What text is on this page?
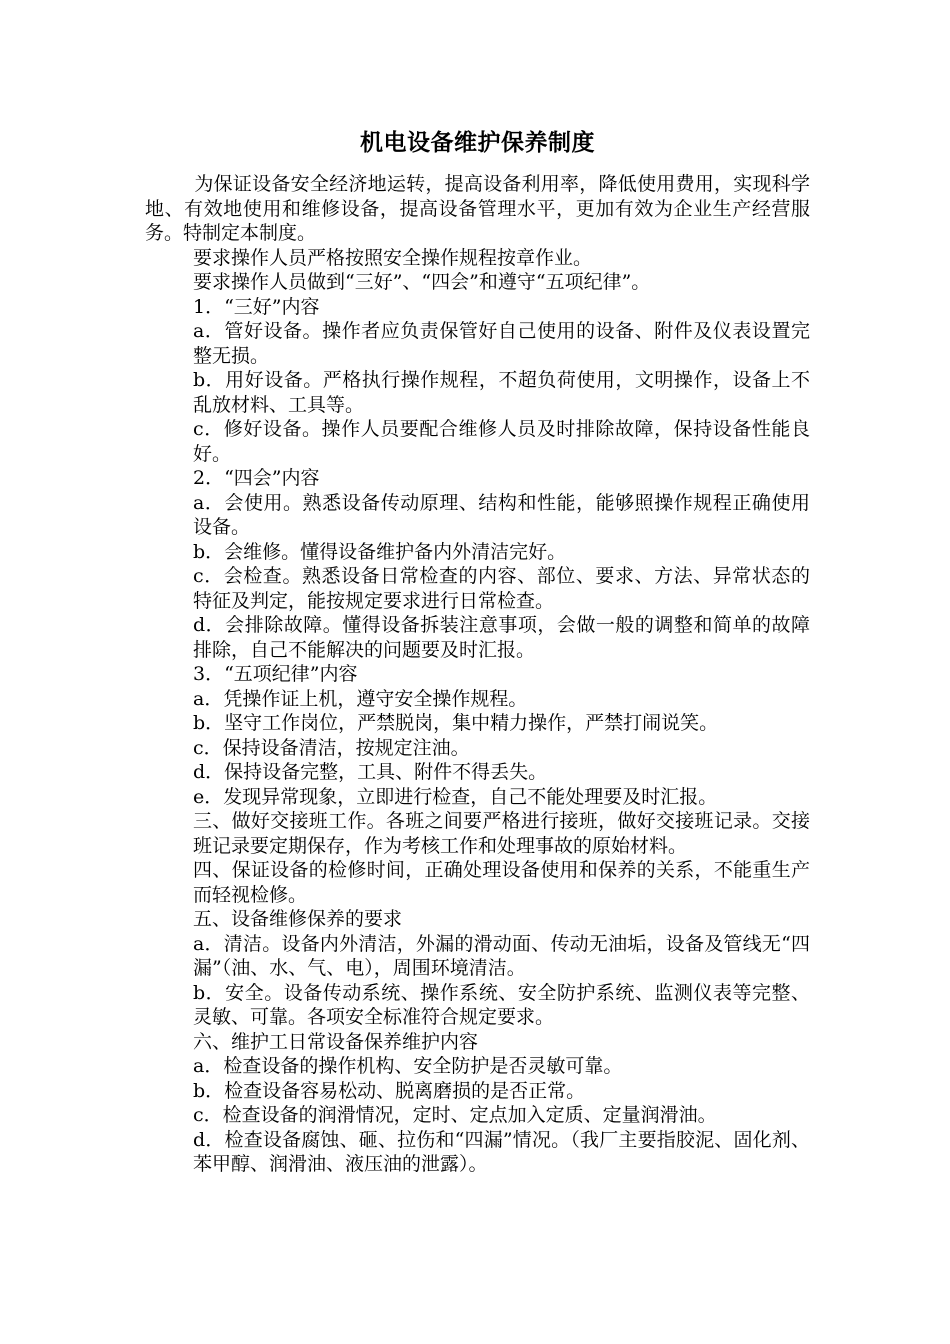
机电设备维护保养制度

为保证设备安全经济地运转，提高设备利用率，降低使用费用，实现科学地、有效地使用和维修设备，提高设备管理水平，更加有效为企业生产经营服务。特制定本制度。

要求操作人员严格按照安全操作规程按章作业。

要求操作人员做到“三好”、“四会”和遵守“五项纪律”。

1．“三好”内容

a．管好设备。操作者应负责保管好自己使用的设备、附件及仪表设置完整无损。

b．用好设备。严格执行操作规程，不超负荷使用，文明操作，设备上不乱放材料、工具等。

c．修好设备。操作人员要配合维修人员及时排除故障，保持设备性能良好。

2．“四会”内容

a．会使用。熟悉设备传动原理、结构和性能，能够照操作规程正确使用设备。

b．会维修。懂得设备维护备内外清洁完好。

c．会检查。熟悉设备日常检查的内容、部位、要求、方法、异常状态的特征及判定，能按规定要求进行日常检查。

d．会排除故障。懂得设备拆装注意事项，会做一般的调整和简单的故障排除，自己不能解决的问题要及时汇报。

3．“五项纪律”内容

a．凭操作证上机，遵守安全操作规程。

b．坚守工作岗位，严禁脱岗，集中精力操作，严禁打闹说笑。

c．保持设备清洁，按规定注油。

d．保持设备完整，工具、附件不得丢失。

e．发现异常现象，立即进行检查，自己不能处理要及时汇报。

三、做好交接班工作。各班之间要严格进行接班，做好交接班记录。交接班记录要定期保存，作为考核工作和处理事故的原始材料。

四、保证设备的检修时间，正确处理设备使用和保养的关系，不能重生产而轻视检修。

五、设备维修保养的要求

a．清洁。设备内外清洁，外漏的滑动面、传动无油垢，设备及管线无“四漏”（油、水、气、电），周围环境清洁。

b．安全。设备传动系统、操作系统、安全防护系统、监测仪表等完整、灵敏、可靠。各项安全标准符合规定要求。

六、维护工日常设备保养维护内容

a．检查设备的操作机构、安全防护是否灵敏可靠。

b．检查设备容易松动、脱离磨损的是否正常。

c．检查设备的润滑情况，定时、定点加入定质、定量润滑油。

d．检查设备腐蚀、砸、拉伤和“四漏”情况。（我厂主要指胶泥、固化剂、苯甲醇、润滑油、液压油的泄露）。
